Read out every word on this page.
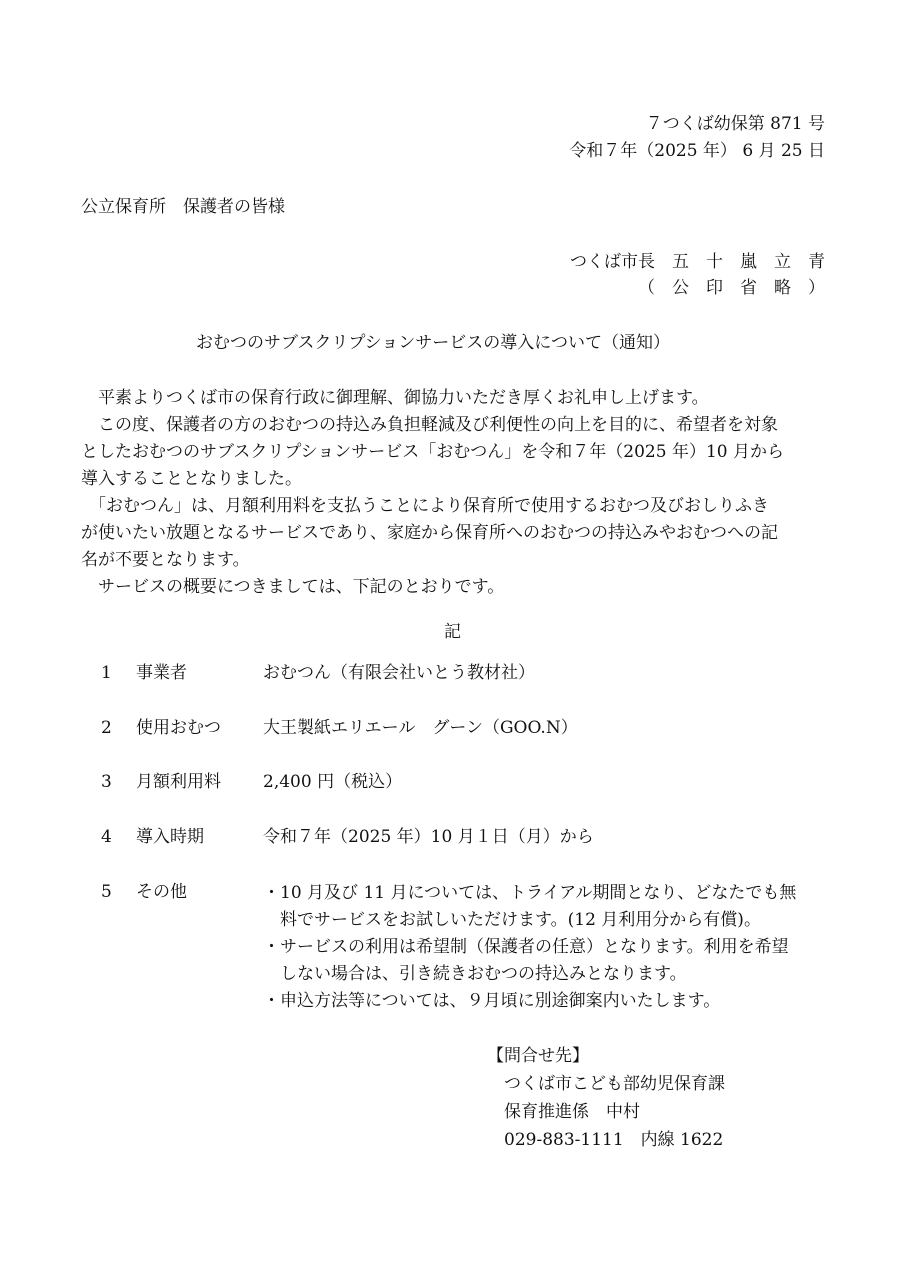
７つくば幼保第 871 号
令和７年（2025 年） 6 月 25 日
公立保育所　保護者の皆様
つくば市長　五　十　嵐　立　青
（　公　印　省　略　）
おむつのサブスクリプションサービスの導入について（通知）
平素よりつくば市の保育行政に御理解、御協力いただき厚くお礼申し上げます。
この度、保護者の方のおむつの持込み負担軽減及び利便性の向上を目的に、希望者を対象
としたおむつのサブスクリプションサービス「おむつん」を令和７年（2025 年）10 月から
導入することとなりました。
「おむつん」は、月額利用料を支払うことにより保育所で使用するおむつ及びおしりふき
が使いたい放題となるサービスであり、家庭から保育所へのおむつの持込みやおむつへの記
名が不要となります。
サービスの概要につきましては、下記のとおりです。
記
1 事業者	おむつん（有限会社いとう教材社）
2 使用おむつ 大王製紙エリエール　グーン（GOO.N）
3 月額利用料 2,400 円（税込）
4 導入時期	令和７年（2025 年）10 月１日（月）から
5 その他	・10 月及び 11 月については、トライアル期間となり、どなたでも無
　料でサービスをお試しいただけます。(12 月利用分から有償)。
・サービスの利用は希望制（保護者の任意）となります。利用を希望
　しない場合は、引き続きおむつの持込みとなります。
・申込方法等については、９月頃に別途御案内いたします。
【問合せ先】
　つくば市こども部幼児保育課
　保育推進係　中村
　029-883-1111　内線 1622
